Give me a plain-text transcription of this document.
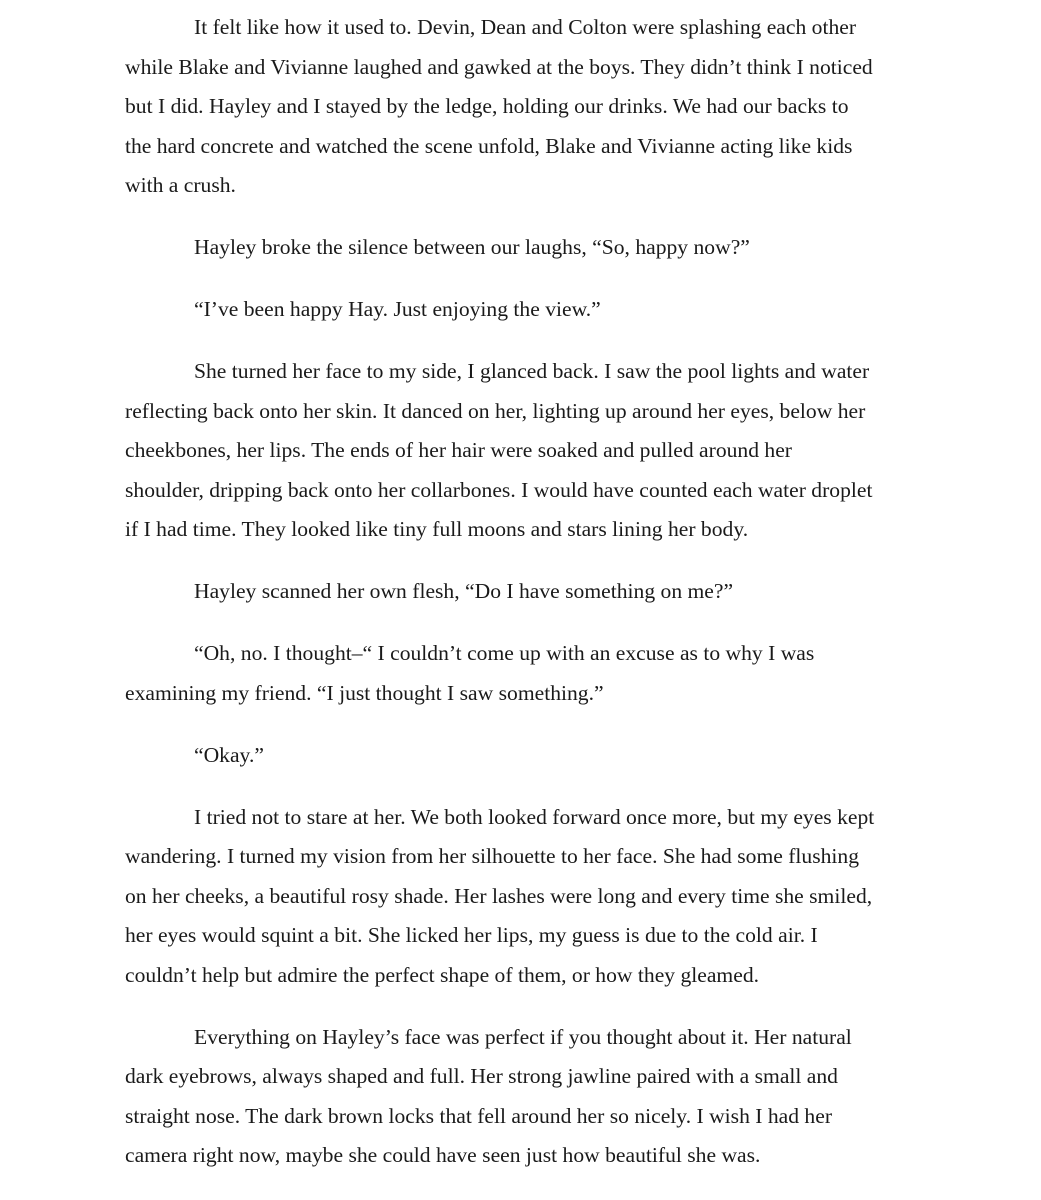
It felt like how it used to. Devin, Dean and Colton were splashing each other
while Blake and Vivianne laughed and gawked at the boys. They didn’t think I noticed
but I did. Hayley and I stayed by the ledge, holding our drinks. We had our backs to
the hard concrete and watched the scene unfold, Blake and Vivianne acting like kids
with a crush.
Hayley broke the silence between our laughs, “So, happy now?”
“I’ve been happy Hay. Just enjoying the view.”
She turned her face to my side, I glanced back. I saw the pool lights and water
reflecting back onto her skin. It danced on her, lighting up around her eyes, below her
cheekbones, her lips. The ends of her hair were soaked and pulled around her
shoulder, dripping back onto her collarbones. I would have counted each water droplet
if I had time. They looked like tiny full moons and stars lining her body.
Hayley scanned her own flesh, “Do I have something on me?”
“Oh, no. I thought–“ I couldn’t come up with an excuse as to why I was
examining my friend. “I just thought I saw something.”
“Okay.”
I tried not to stare at her. We both looked forward once more, but my eyes kept
wandering. I turned my vision from her silhouette to her face. She had some flushing
on her cheeks, a beautiful rosy shade. Her lashes were long and every time she smiled,
her eyes would squint a bit. She licked her lips, my guess is due to the cold air. I
couldn’t help but admire the perfect shape of them, or how they gleamed.
Everything on Hayley’s face was perfect if you thought about it. Her natural
dark eyebrows, always shaped and full. Her strong jawline paired with a small and
straight nose. The dark brown locks that fell around her so nicely. I wish I had her
camera right now, maybe she could have seen just how beautiful she was.
